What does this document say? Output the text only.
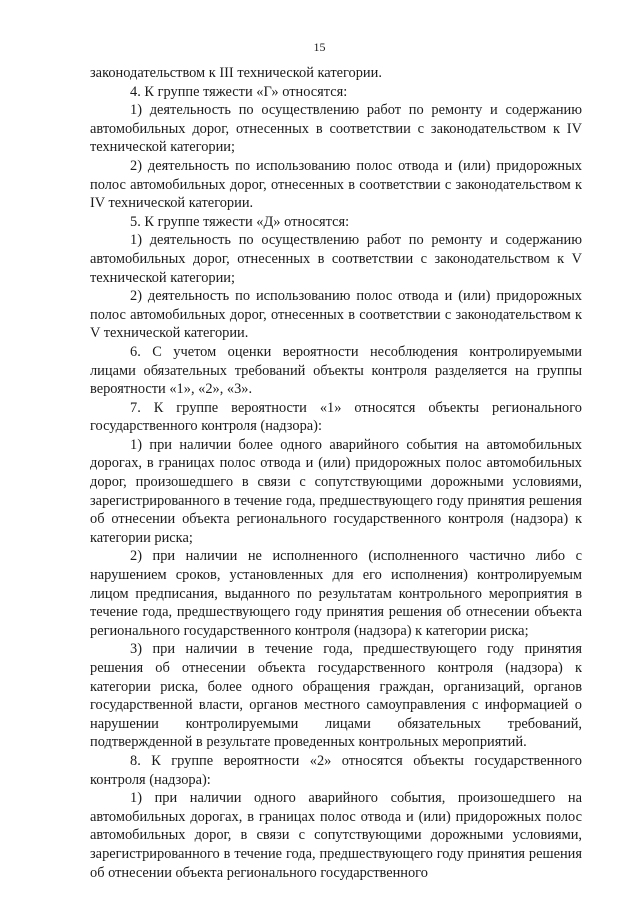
15

законодательством к III технической категории.

4. К группе тяжести «Г» относятся:

1) деятельность по осуществлению работ по ремонту и содержанию автомобильных дорог, отнесенных в соответствии с законодательством к IV технической категории;

2) деятельность по использованию полос отвода и (или) придорожных полос автомобильных дорог, отнесенных в соответствии с законодательством к IV технической категории.

5. К группе тяжести «Д» относятся:

1) деятельность по осуществлению работ по ремонту и содержанию автомобильных дорог, отнесенных в соответствии с законодательством к V технической категории;

2) деятельность по использованию полос отвода и (или) придорожных полос автомобильных дорог, отнесенных в соответствии с законодательством к V технической категории.

6. С учетом оценки вероятности несоблюдения контролируемыми лицами обязательных требований объекты контроля разделяется на группы вероятности «1», «2», «3».

7. К группе вероятности «1» относятся объекты регионального государственного контроля (надзора):

1) при наличии более одного аварийного события на автомобильных дорогах, в границах полос отвода и (или) придорожных полос автомобильных дорог, произошедшего в связи с сопутствующими дорожными условиями, зарегистрированного в течение года, предшествующего году принятия решения об отнесении объекта регионального государственного контроля (надзора) к категории риска;

2) при наличии не исполненного (исполненного частично либо с нарушением сроков, установленных для его исполнения) контролируемым лицом предписания, выданного по результатам контрольного мероприятия в течение года, предшествующего году принятия решения об отнесении объекта регионального государственного контроля (надзора) к категории риска;

3) при наличии в течение года, предшествующего году принятия решения об отнесении объекта государственного контроля (надзора) к категории риска, более одного обращения граждан, организаций, органов государственной власти, органов местного самоуправления с информацией о нарушении контролируемыми лицами обязательных требований, подтвержденной в результате проведенных контрольных мероприятий.

8. К группе вероятности «2» относятся объекты государственного контроля (надзора):

1) при наличии одного аварийного события, произошедшего на автомобильных дорогах, в границах полос отвода и (или) придорожных полос автомобильных дорог, в связи с сопутствующими дорожными условиями, зарегистрированного в течение года, предшествующего году принятия решения об отнесении объекта регионального государственного
